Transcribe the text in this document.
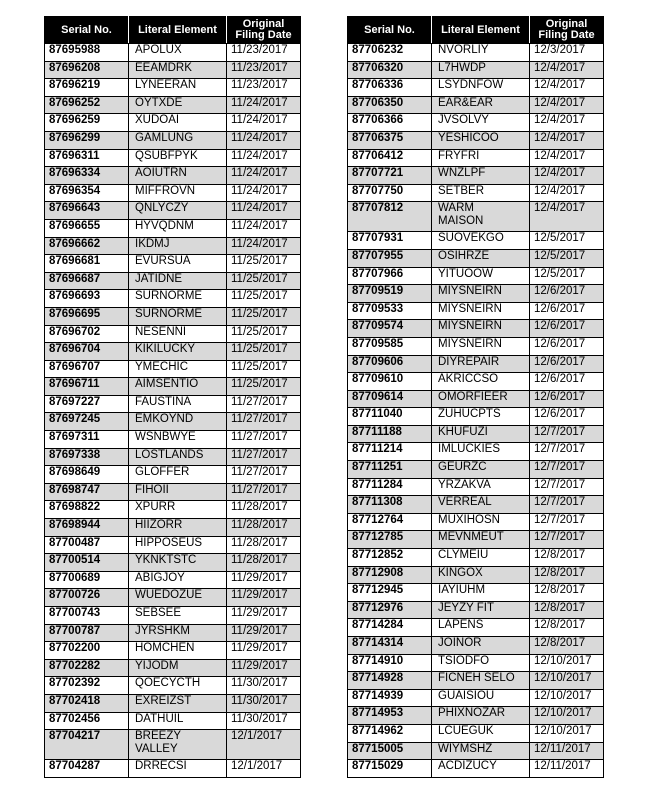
Serial No.	Literal Element	Original
Filing Date
87695988	APOLUX	11/23/2017
87696208	EEAMDRK	11/23/2017
87696219	LYNEERAN	11/23/2017
87696252	OYTXDE	11/24/2017
87696259	XUDOAI	11/24/2017
87696299	GAMLUNG	11/24/2017
87696311	QSUBFPYK	11/24/2017
87696334	AOIUTRN	11/24/2017
87696354	MIFFROVN	11/24/2017
87696643	QNLYCZY	11/24/2017
87696655	HYVQDNM	11/24/2017
87696662	IKDMJ	11/24/2017
87696681	EVURSUA	11/25/2017
87696687	JATIDNE	11/25/2017
87696693	SURNORME	11/25/2017
87696695	SURNORME	11/25/2017
87696702	NESENNI	11/25/2017
87696704	KIKILUCKY	11/25/2017
87696707	YMECHIC	11/25/2017
87696711	AIMSENTIO	11/25/2017
87697227	FAUSTINA	11/27/2017
87697245	EMKOYND	11/27/2017
87697311	WSNBWYE	11/27/2017
87697338	LOSTLANDS	11/27/2017
87698649	GLOFFER	11/27/2017
87698747	FIHOII	11/27/2017
87698822	XPURR	11/28/2017
87698944	HIIZORR	11/28/2017
87700487	HIPPOSEUS	11/28/2017
87700514	YKNKTSTC	11/28/2017
87700689	ABIGJOY	11/29/2017
87700726	WUEDOZUE	11/29/2017
87700743	SEBSEE	11/29/2017
87700787	JYRSHKM	11/29/2017
87702200	HOMCHEN	11/29/2017
87702282	YIJODM	11/29/2017
87702392	QOECYCTH	11/30/2017
87702418	EXREIZST	11/30/2017
87702456	DATHUIL	11/30/2017
87704217	BREEZY
VALLEY	12/1/2017
87704287	DRRECSI	12/1/2017
Serial No.	Literal Element	Original
Filing Date
87706232	NVORLIY	12/3/2017
87706320	L7HWDP	12/4/2017
87706336	LSYDNFOW	12/4/2017
87706350	EAR&EAR	12/4/2017
87706366	JVSOLVY	12/4/2017
87706375	YESHICOO	12/4/2017
87706412	FRYFRI	12/4/2017
87707721	WNZLPF	12/4/2017
87707750	SETBER	12/4/2017
87707812	WARM
MAISON	12/4/2017
87707931	SUOVEKGO	12/5/2017
87707955	OSIHRZE	12/5/2017
87707966	YITUOOW	12/5/2017
87709519	MIYSNEIRN	12/6/2017
87709533	MIYSNEIRN	12/6/2017
87709574	MIYSNEIRN	12/6/2017
87709585	MIYSNEIRN	12/6/2017
87709606	DIYREPAIR	12/6/2017
87709610	AKRICCSO	12/6/2017
87709614	OMORFIEER	12/6/2017
87711040	ZUHUCPTS	12/6/2017
87711188	KHUFUZI	12/7/2017
87711214	IMLUCKIES	12/7/2017
87711251	GEURZC	12/7/2017
87711284	YRZAKVA	12/7/2017
87711308	VERREAL	12/7/2017
87712764	MUXIHOSN	12/7/2017
87712785	MEVNMEUT	12/7/2017
87712852	CLYMEIU	12/8/2017
87712908	KINGOX	12/8/2017
87712945	IAYIUHM	12/8/2017
87712976	JEYZY FIT	12/8/2017
87714284	LAPENS	12/8/2017
87714314	JOINOR	12/8/2017
87714910	TSIODFO	12/10/2017
87714928	FICNEH SELO	12/10/2017
87714939	GUAISIOU	12/10/2017
87714953	PHIXNOZAR	12/10/2017
87714962	LCUEGUK	12/10/2017
87715005	WIYMSHZ	12/11/2017
87715029	ACDIZUCY	12/11/2017
